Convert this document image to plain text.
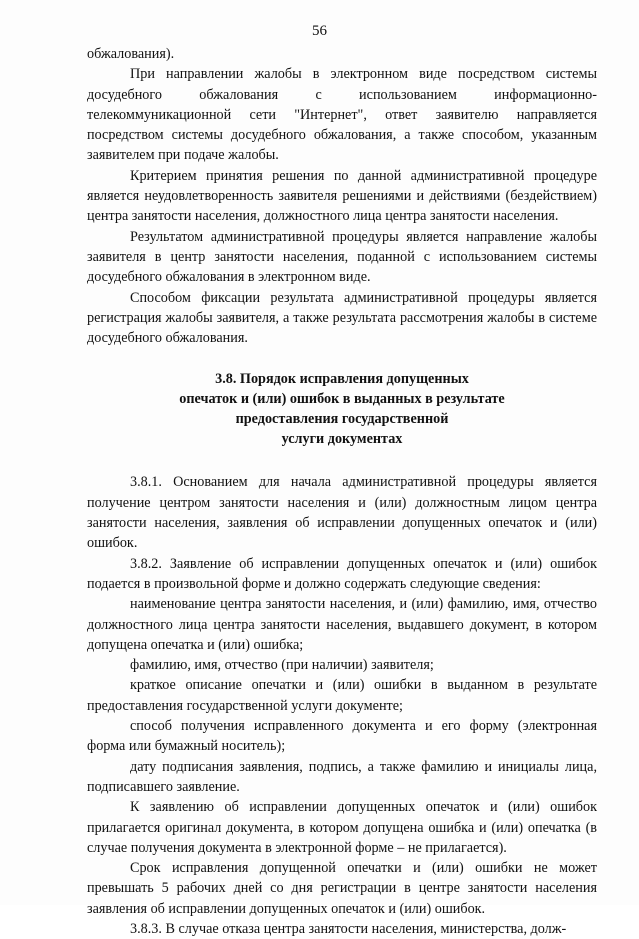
56

обжалования).

При направлении жалобы в электронном виде посредством системы досудебного обжалования с использованием информационно-телекоммуникационной сети "Интернет", ответ заявителю направляется посредством системы досудебного обжалования, а также способом, указанным заявителем при подаче жалобы.

Критерием принятия решения по данной административной процедуре является неудовлетворенность заявителя решениями и действиями (бездействием) центра занятости населения, должностного лица центра занятости населения.

Результатом административной процедуры является направление жалобы заявителя в центр занятости населения, поданной с использованием системы досудебного обжалования в электронном виде.

Способом фиксации результата административной процедуры является регистрация жалобы заявителя, а также результата рассмотрения жалобы в системе досудебного обжалования.

3.8. Порядок исправления допущенных
опечаток и (или) ошибок в выданных в результате
предоставления государственной
услуги документах

3.8.1. Основанием для начала административной процедуры является получение центром занятости населения и (или) должностным лицом центра занятости населения, заявления об исправлении допущенных опечаток и (или) ошибок.

3.8.2. Заявление об исправлении допущенных опечаток и (или) ошибок подается в произвольной форме и должно содержать следующие сведения:

наименование центра занятости населения, и (или) фамилию, имя, отчество должностного лица центра занятости населения, выдавшего документ, в котором допущена опечатка и (или) ошибка;

фамилию, имя, отчество (при наличии) заявителя;

краткое описание опечатки и (или) ошибки в выданном в результате предоставления государственной услуги документе;

способ получения исправленного документа и его форму (электронная форма или бумажный носитель);

дату подписания заявления, подпись, а также фамилию и инициалы лица, подписавшего заявление.

К заявлению об исправлении допущенных опечаток и (или) ошибок прилагается оригинал документа, в котором допущена ошибка и (или) опечатка (в случае получения документа в электронной форме – не прилагается).

Срок исправления допущенной опечатки и (или) ошибки не может превышать 5 рабочих дней со дня регистрации в центре занятости населения заявления об исправлении допущенных опечаток и (или) ошибок.

3.8.3. В случае отказа центра занятости населения, министерства, долж-
